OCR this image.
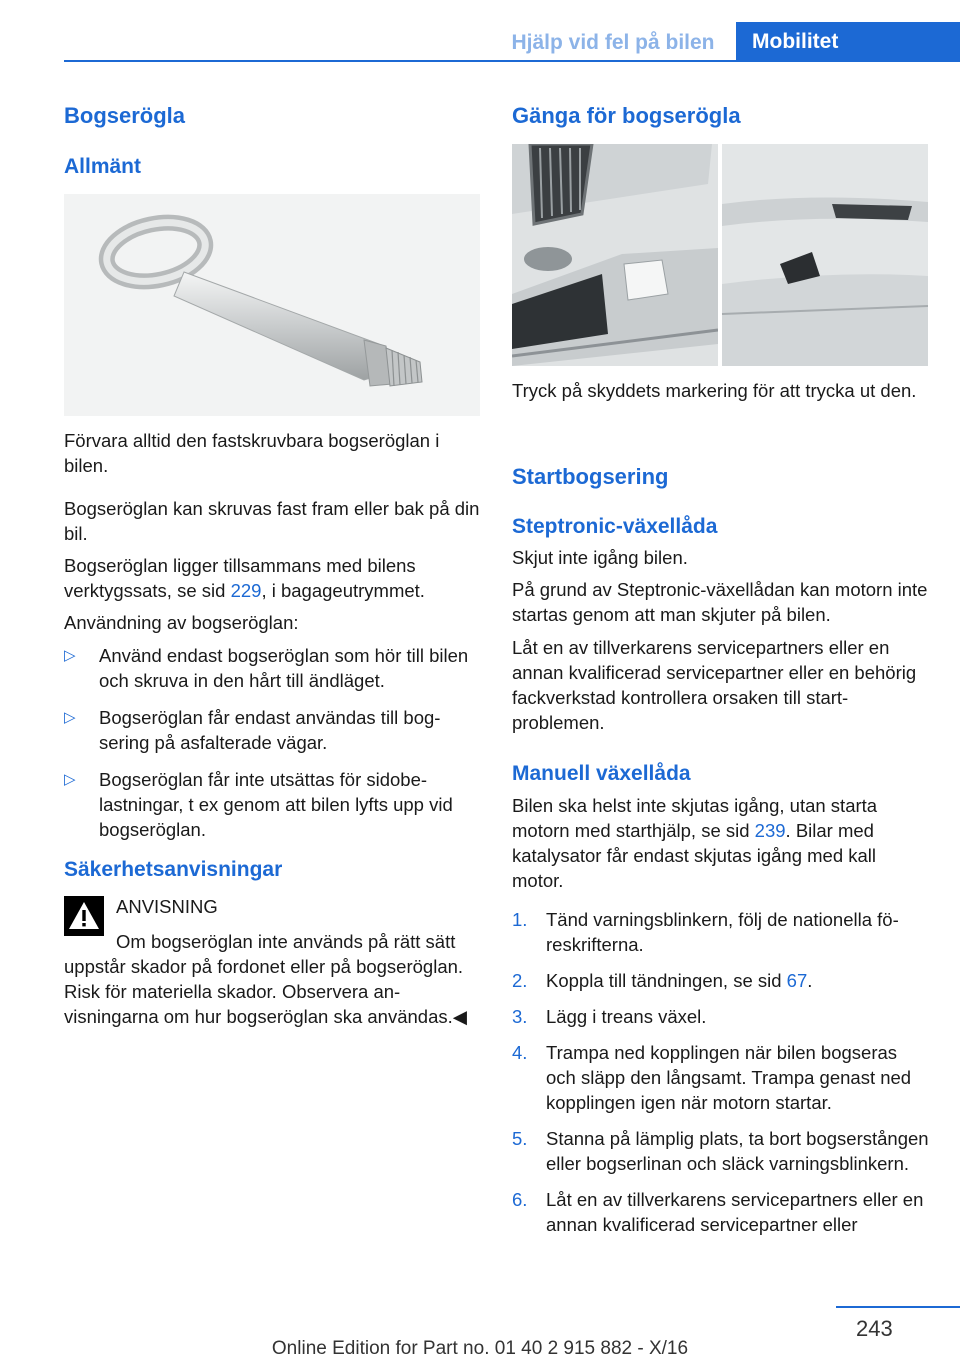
Hjälp vid fel på bilen	Mobilitet
Bogserögla
Allmänt

Förvara alltid den fastskruvbara bogseröglan i bilen.

Bogseröglan kan skruvas fast fram eller bak på din bil.

Bogseröglan ligger tillsammans med bilens verktygssats, se sid 229, i bagageutrymmet.

Användning av bogseröglan:

▷ Använd endast bogseröglan som hör till bilen och skruva in den hårt till ändläget.
▷ Bogseröglan får endast användas till bogsering på asfalterade vägar.
▷ Bogseröglan får inte utsättas för sidobelastningar, t ex genom att bilen lyfts upp vid bogseröglan.
Säkerhetsanvisningar
ANVISNING
Om bogseröglan inte används på rätt sätt uppstår skador på fordonet eller på bogseröglan. Risk för materiella skador. Observera anvisningarna om hur bogseröglan ska användas.◀
Gänga för bogserögla

Tryck på skyddets markering för att trycka ut den.

Startbogsering
Steptronic-växellåda

Skjut inte igång bilen.

På grund av Steptronic-växellådan kan motorn inte startas genom att man skjuter på bilen.

Låt en av tillverkarens servicepartners eller en annan kvalificerad servicepartner eller en behörig fackverkstad kontrollera orsaken till startproblemen.

Manuell växellåda

Bilen ska helst inte skjutas igång, utan starta motorn med starthjälp, se sid 239. Bilar med katalysator får endast skjutas igång med kall motor.

1. Tänd varningsblinkern, följ de nationella föreskrifterna.
2. Koppla till tändningen, se sid 67.
3. Lägg i treans växel.
4. Trampa ned kopplingen när bilen bogseras och släpp den långsamt. Trampa genast ned kopplingen igen när motorn startar.
5. Stanna på lämplig plats, ta bort bogserstången eller bogserlinan och släck varningsblinkern.
6. Låt en av tillverkarens servicepartners eller en annan kvalificerad servicepartner eller
243
Online Edition for Part no. 01 40 2 915 882 - X/16
